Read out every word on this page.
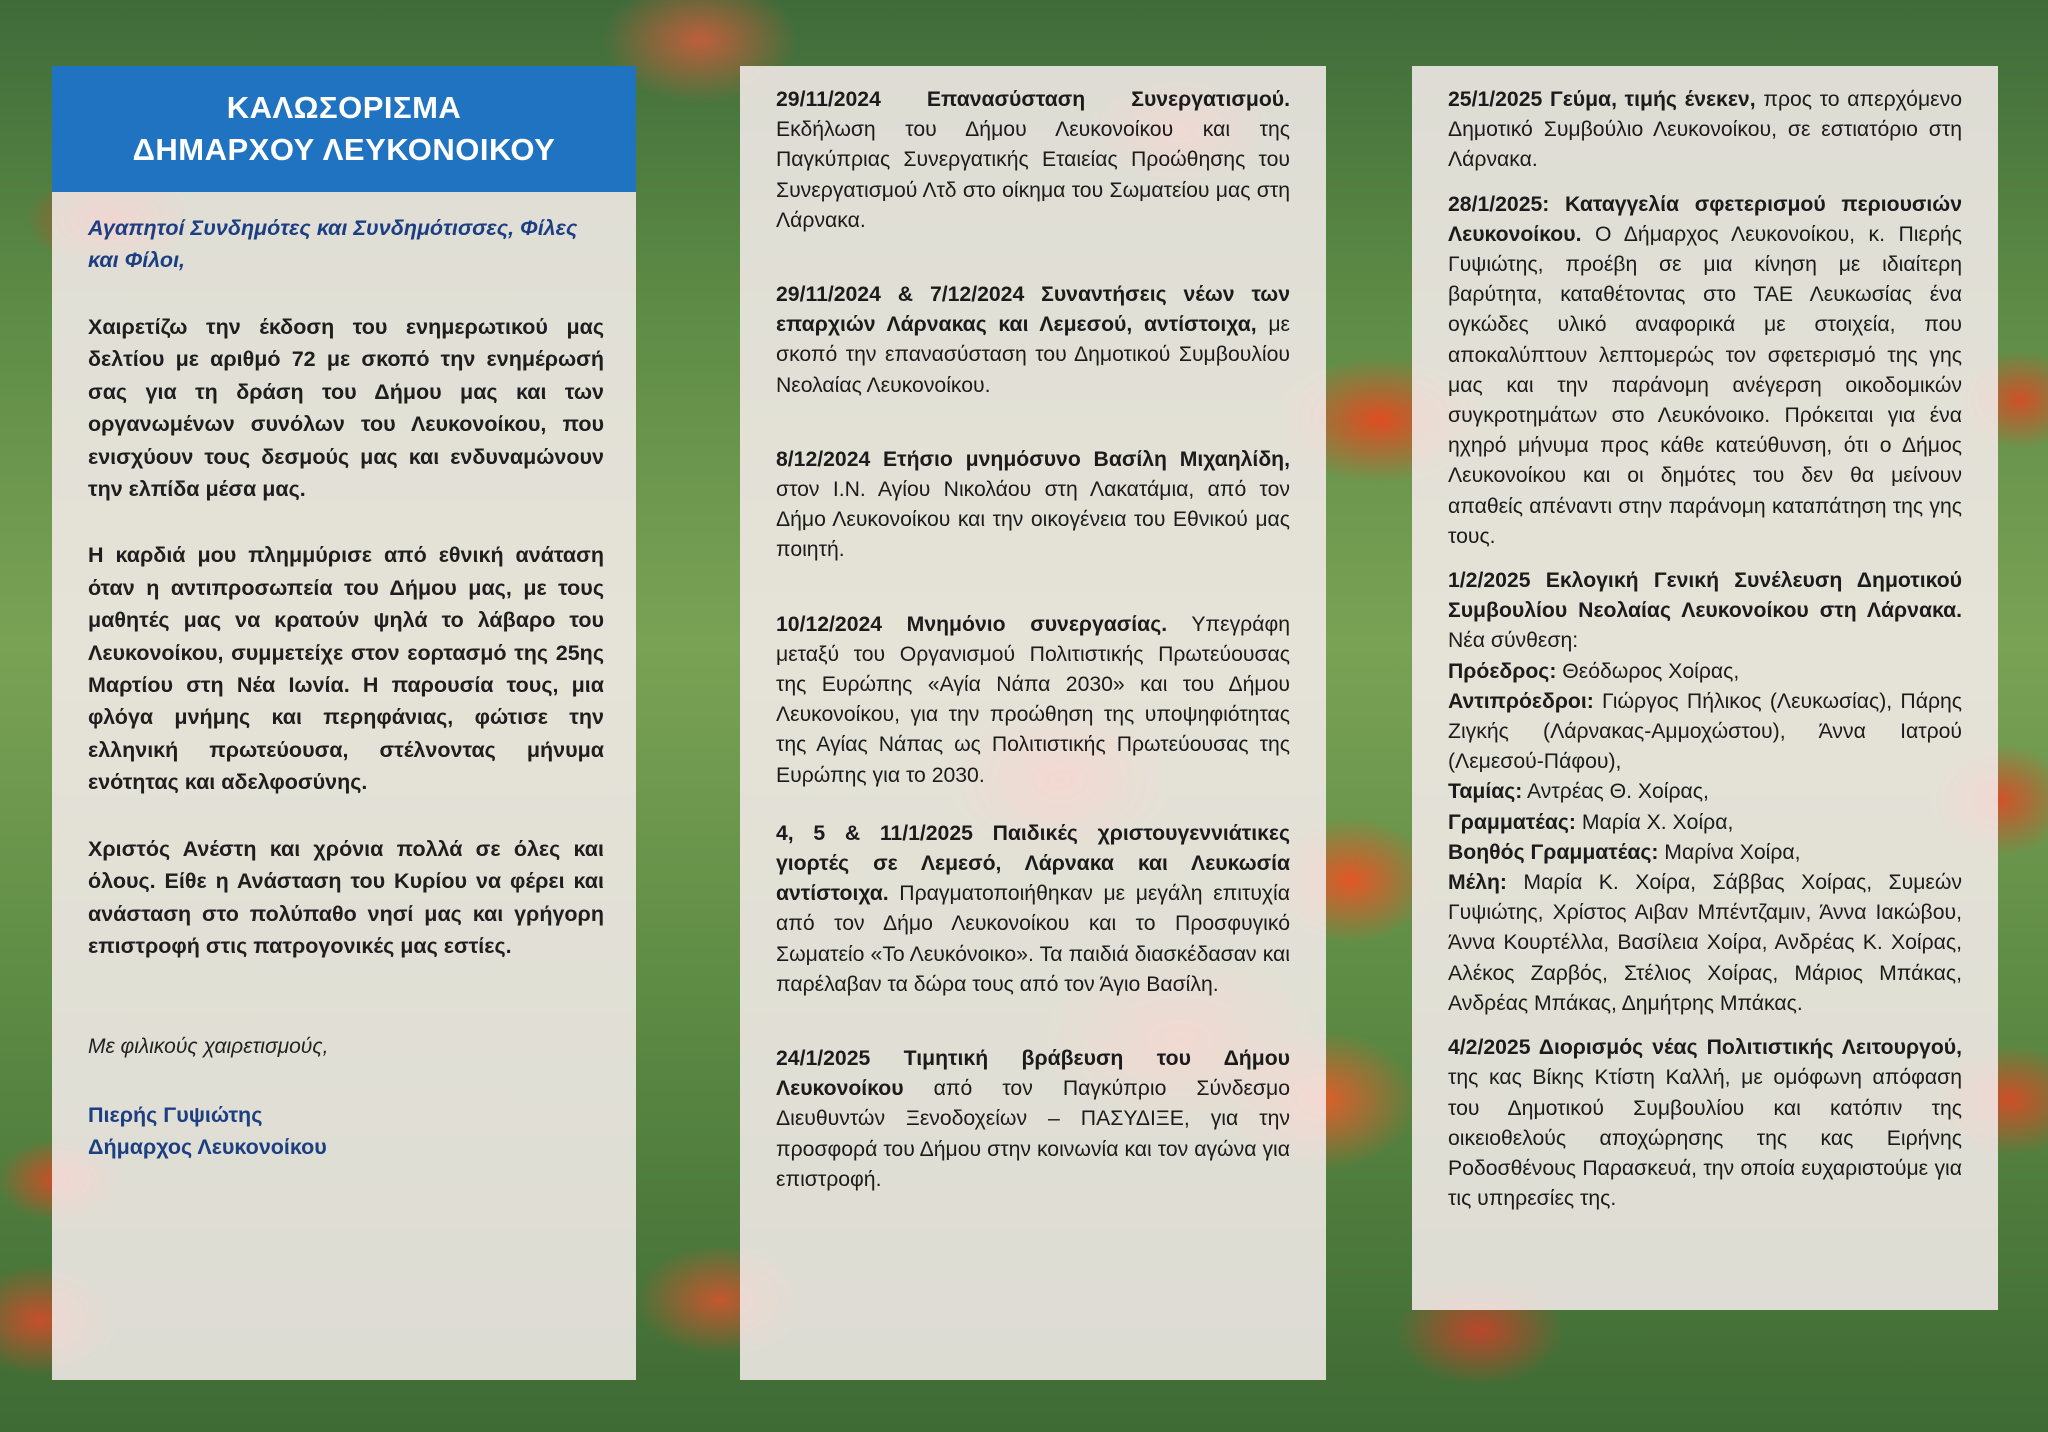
ΚΑΛΩΣΟΡΙΣΜΑ
ΔΗΜΑΡΧΟΥ ΛΕΥΚΟΝΟΙΚΟΥ
Αγαπητοί Συνδημότες και Συνδημότισσες, Φίλες και Φίλοι,
Χαιρετίζω την έκδοση του ενημερωτικού μας δελτίου με αριθμό 72 με σκοπό την ενημέρωσή σας για τη δράση του Δήμου μας και των οργανωμένων συνόλων του Λευκονοίκου, που ενισχύουν τους δεσμούς μας και ενδυναμώνουν την ελπίδα μέσα μας.
Η καρδιά μου πλημμύρισε από εθνική ανάταση όταν η αντιπροσωπεία του Δήμου μας, με τους μαθητές μας να κρατούν ψηλά το λάβαρο του Λευκονοίκου, συμμετείχε στον εορτασμό της 25ης Μαρτίου στη Νέα Ιωνία. Η παρουσία τους, μια φλόγα μνήμης και περηφάνιας, φώτισε την ελληνική πρωτεύουσα, στέλνοντας μήνυμα ενότητας και αδελφοσύνης.
Χριστός Ανέστη και χρόνια πολλά σε όλες και όλους. Είθε η Ανάσταση του Κυρίου να φέρει και ανάσταση στο πολύπαθο νησί μας και γρήγορη επιστροφή στις πατρογονικές μας εστίες.
Με φιλικούς χαιρετισμούς,
Πιερής Γυψιώτης
Δήμαρχος Λευκονοίκου
29/11/2024 Επανασύσταση Συνεργατισμού. Εκδήλωση του Δήμου Λευκονοίκου και της Παγκύπριας Συνεργατικής Εταιείας Προώθησης του Συνεργατισμού Λτδ στο οίκημα του Σωματείου μας στη Λάρνακα.
29/11/2024 & 7/12/2024 Συναντήσεις νέων των επαρχιών Λάρνακας και Λεμεσού, αντίστοιχα, με σκοπό την επανασύσταση του Δημοτικού Συμβουλίου Νεολαίας Λευκονοίκου.
8/12/2024 Ετήσιο μνημόσυνο Βασίλη Μιχαηλίδη, στον Ι.Ν. Αγίου Νικολάου στη Λακατάμια, από τον Δήμο Λευκονοίκου και την οικογένεια του Εθνικού μας ποιητή.
10/12/2024 Μνημόνιο συνεργασίας. Υπεγράφη μεταξύ του Οργανισμού Πολιτιστικής Πρωτεύουσας της Ευρώπης «Αγία Νάπα 2030» και του Δήμου Λευκονοίκου, για την προώθηση της υποψηφιότητας της Αγίας Νάπας ως Πολιτιστικής Πρωτεύουσας της Ευρώπης για το 2030.
4, 5 & 11/1/2025 Παιδικές χριστουγεννιάτικες γιορτές σε Λεμεσό, Λάρνακα και Λευκωσία αντίστοιχα. Πραγματοποιήθηκαν με μεγάλη επιτυχία από τον Δήμο Λευκονοίκου και το Προσφυγικό Σωματείο «Το Λευκόνοικο». Τα παιδιά διασκέδασαν και παρέλαβαν τα δώρα τους από τον Άγιο Βασίλη.
24/1/2025 Τιμητική βράβευση του Δήμου Λευκονοίκου από τον Παγκύπριο Σύνδεσμο Διευθυντών Ξενοδοχείων – ΠΑΣΥΔΙΞΕ, για την προσφορά του Δήμου στην κοινωνία και τον αγώνα για επιστροφή.
25/1/2025 Γεύμα, τιμής ένεκεν, προς το απερχόμενο Δημοτικό Συμβούλιο Λευκονοίκου, σε εστιατόριο στη Λάρνακα.
28/1/2025: Καταγγελία σφετερισμού περιουσιών Λευκονοίκου. Ο Δήμαρχος Λευκονοίκου, κ. Πιερής Γυψιώτης, προέβη σε μια κίνηση με ιδιαίτερη βαρύτητα, καταθέτοντας στο ΤΑΕ Λευκωσίας ένα ογκώδες υλικό αναφορικά με στοιχεία, που αποκαλύπτουν λεπτομερώς τον σφετερισμό της γης μας και την παράνομη ανέγερση οικοδομικών συγκροτημάτων στο Λευκόνοικο. Πρόκειται για ένα ηχηρό μήνυμα προς κάθε κατεύθυνση, ότι ο Δήμος Λευκονοίκου και οι δημότες του δεν θα μείνουν απαθείς απέναντι στην παράνομη καταπάτηση της γης τους.
1/2/2025 Εκλογική Γενική Συνέλευση Δημοτικού Συμβουλίου Νεολαίας Λευκονοίκου στη Λάρνακα. Νέα σύνθεση:
Πρόεδρος: Θεόδωρος Χοίρας,
Αντιπρόεδροι: Γιώργος Πήλικος (Λευκωσίας), Πάρης Ζιγκής (Λάρνακας-Αμμοχώστου), Άννα Ιατρού (Λεμεσού-Πάφου),
Ταμίας: Αντρέας Θ. Χοίρας,
Γραμματέας: Μαρία Χ. Χοίρα,
Βοηθός Γραμματέας: Μαρίνα Χοίρα,
Μέλη: Μαρία Κ. Χοίρα, Σάββας Χοίρας, Συμεών Γυψιώτης, Χρίστος Αιβαν Μπέντζαμιν, Άννα Ιακώβου, Άννα Κουρτέλλα, Βασίλεια Χοίρα, Ανδρέας Κ. Χοίρας, Αλέκος Ζαρβός, Στέλιος Χοίρας, Μάριος Μπάκας, Ανδρέας Μπάκας, Δημήτρης Μπάκας.
4/2/2025 Διορισμός νέας Πολιτιστικής Λειτουργού, της κας Βίκης Κτίστη Καλλή, με ομόφωνη απόφαση του Δημοτικού Συμβουλίου και κατόπιν της οικειοθελούς αποχώρησης της κας Ειρήνης Ροδοσθένους Παρασκευά, την οποία ευχαριστούμε για τις υπηρεσίες της.
